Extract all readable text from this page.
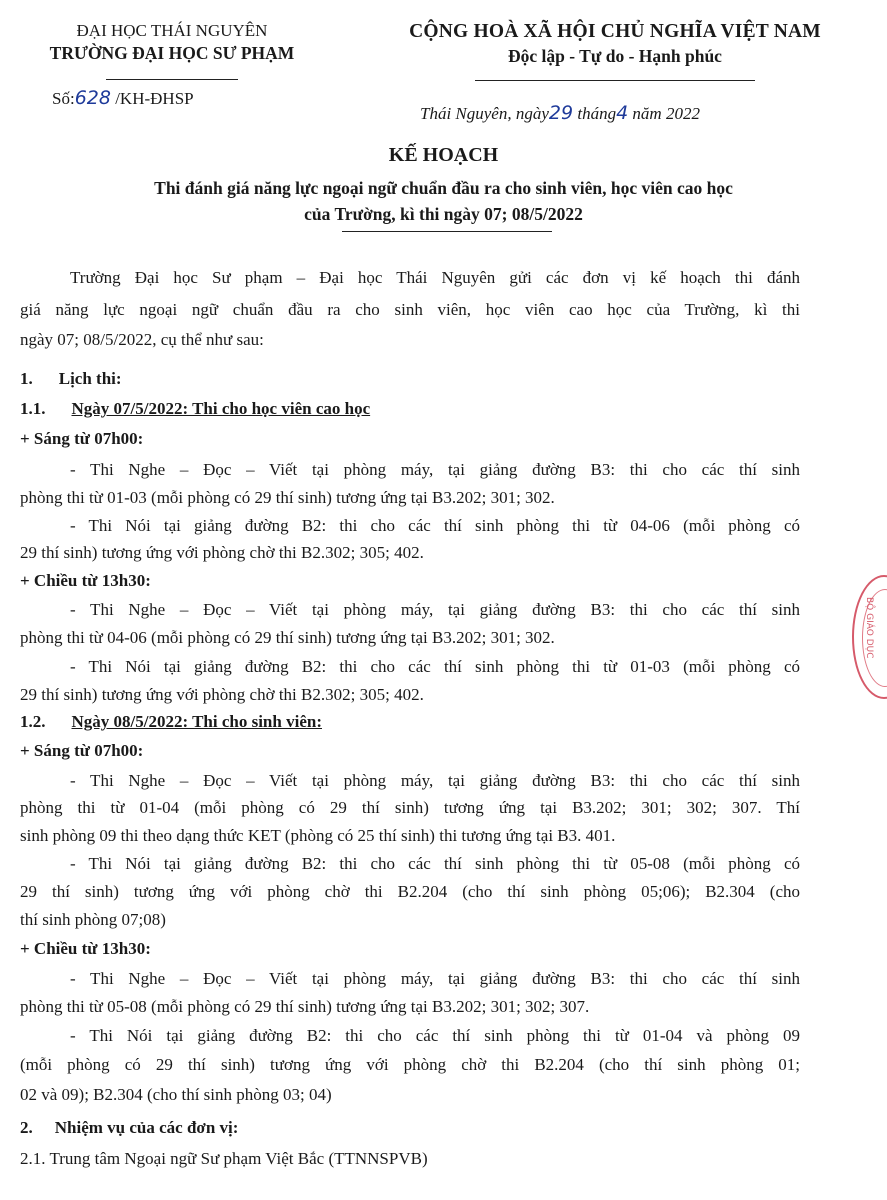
ĐẠI HỌC THÁI NGUYÊN
TRƯỜNG ĐẠI HỌC SƯ PHẠM
CỘNG HOÀ XÃ HỘI CHỦ NGHĨA VIỆT NAM
Độc lập - Tự do - Hạnh phúc
Số:628 /KH-ĐHSP
Thái Nguyên, ngày29 tháng4 năm 2022
KẾ HOẠCH
Thi đánh giá năng lực ngoại ngữ chuẩn đầu ra cho sinh viên, học viên cao học
của Trường, kì thi ngày 07; 08/5/2022
Trường Đại học Sư phạm – Đại học Thái Nguyên gửi các đơn vị kế hoạch thi đánh
giá năng lực ngoại ngữ chuẩn đầu ra cho sinh viên, học viên cao học của Trường, kì thi
ngày 07; 08/5/2022, cụ thể như sau:
1. Lịch thi:
1.1. Ngày 07/5/2022: Thi cho học viên cao học
+ Sáng từ 07h00:
- Thi Nghe – Đọc – Viết tại phòng máy, tại giảng đường B3: thi cho các thí sinh
phòng thi từ 01-03 (mỗi phòng có 29 thí sinh) tương ứng tại B3.202; 301; 302.
- Thi Nói tại giảng đường B2: thi cho các thí sinh phòng thi từ 04-06 (mỗi phòng có
29 thí sinh) tương ứng với phòng chờ thi B2.302; 305; 402.
+ Chiều từ 13h30:
- Thi Nghe – Đọc – Viết tại phòng máy, tại giảng đường B3: thi cho các thí sinh
phòng thi từ 04-06 (mỗi phòng có 29 thí sinh) tương ứng tại B3.202; 301; 302.
- Thi Nói tại giảng đường B2: thi cho các thí sinh phòng thi từ 01-03 (mỗi phòng có
29 thí sinh) tương ứng với phòng chờ thi B2.302; 305; 402.
1.2. Ngày 08/5/2022: Thi cho sinh viên:
+ Sáng từ 07h00:
- Thi Nghe – Đọc – Viết tại phòng máy, tại giảng đường B3: thi cho các thí sinh
phòng thi từ 01-04 (mỗi phòng có 29 thí sinh) tương ứng tại B3.202; 301; 302; 307. Thí
sinh phòng 09 thi theo dạng thức KET (phòng có 25 thí sinh) thi tương ứng tại B3. 401.
- Thi Nói tại giảng đường B2: thi cho các thí sinh phòng thi từ 05-08 (mỗi phòng có
29 thí sinh) tương ứng với phòng chờ thi B2.204 (cho thí sinh phòng 05;06); B2.304 (cho
thí sinh phòng 07;08)
+ Chiều từ 13h30:
- Thi Nghe – Đọc – Viết tại phòng máy, tại giảng đường B3: thi cho các thí sinh
phòng thi từ 05-08 (mỗi phòng có 29 thí sinh) tương ứng tại B3.202; 301; 302; 307.
- Thi Nói tại giảng đường B2: thi cho các thí sinh phòng thi từ 01-04 và phòng 09
(mỗi phòng có 29 thí sinh) tương ứng với phòng chờ thi B2.204 (cho thí sinh phòng 01;
02 và 09); B2.304 (cho thí sinh phòng 03; 04)
2. Nhiệm vụ của các đơn vị:
2.1. Trung tâm Ngoại ngữ Sư phạm Việt Bắc (TTNNSPVB)
BỘ GIÁO DỤC
